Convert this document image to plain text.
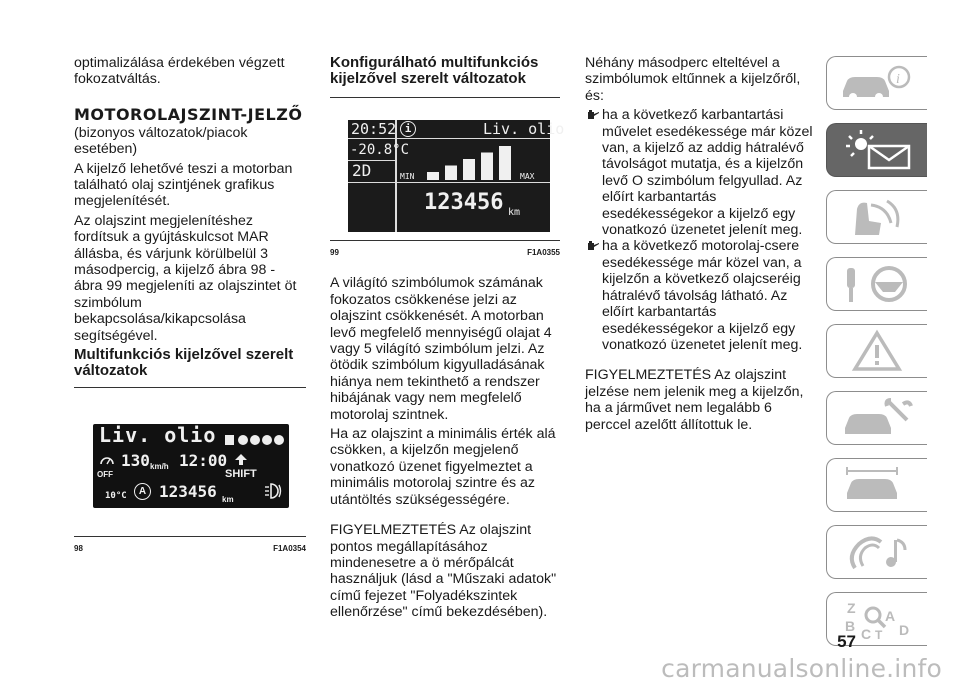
optimalizálása érdekében végzett fokozatváltás.

MOTOROLAJSZINT-JELZŐ

(bizonyos változatok/piacok esetében)

A kijelző lehetővé teszi a motorban található olaj szintjének grafikus megjelenítését.

Az olajszint megjelenítéshez fordítsuk a gyújtáskulcsot MAR állásba, és várjunk körülbelül 3 másodpercig, a kijelző ábra 98 - ábra 99 megjeleníti az olajszintet öt szimbólum bekapcsolása/kikapcsolása segítségével.

Multifunkciós kijelzővel szerelt változatok
Liv. olio
OFF
130 km/h 12:00
SHIFT
10°C	A 123456 km
98	F1A0354
Konfigurálható multifunkciós kijelzővel szerelt változatok
20:52
-20.8°C
2D
i	Liv. olio
MIN	MAX
123456 km
99	F1A0355

A világító szimbólumok számának fokozatos csökkenése jelzi az olajszint csökkenését. A motorban levő megfelelő mennyiségű olajat 4 vagy 5 világító szimbólum jelzi. Az ötödik szimbólum kigyulladásának hiánya nem tekinthető a rendszer hibájának vagy nem megfelelő motorolaj szintnek.

Ha az olajszint a minimális érték alá csökken, a kijelzőn megjelenő vonatkozó üzenet figyelmeztet a minimális motorolaj szintre és az utántöltés szükségességére.

FIGYELMEZTETÉS Az olajszint pontos megállapításához mindenesetre a ö mérőpálcát használjuk (lásd a "Műszaki adatok" című fejezet "Folyadékszintek ellenőrzése" című bekezdésében).

Néhány másodperc elteltével a szimbólumok eltűnnek a kijelzőről, és:

ha a következő karbantartási művelet esedékessége már közel van, a kijelző az addig hátralévő távolságot mutatja, és a kijelzőn levő O szimbólum felgyullad. Az előírt karbantartás esedékességekor a kijelző egy vonatkozó üzenetet jelenít meg.
ha a következő motorolaj-csere esedékessége már közel van, a kijelzőn a következő olajcseréig hátralévő távolság látható. Az előírt karbantartás esedékességekor a kijelző egy vonatkozó üzenetet jelenít meg.

FIGYELMEZTETÉS Az olajszint jelzése nem jelenik meg a kijelzőn, ha a járművet nem legalább 6 perccel azelőtt állítottuk le.

i
Z
B
A
C D
T
57
carmanualsonline.info
